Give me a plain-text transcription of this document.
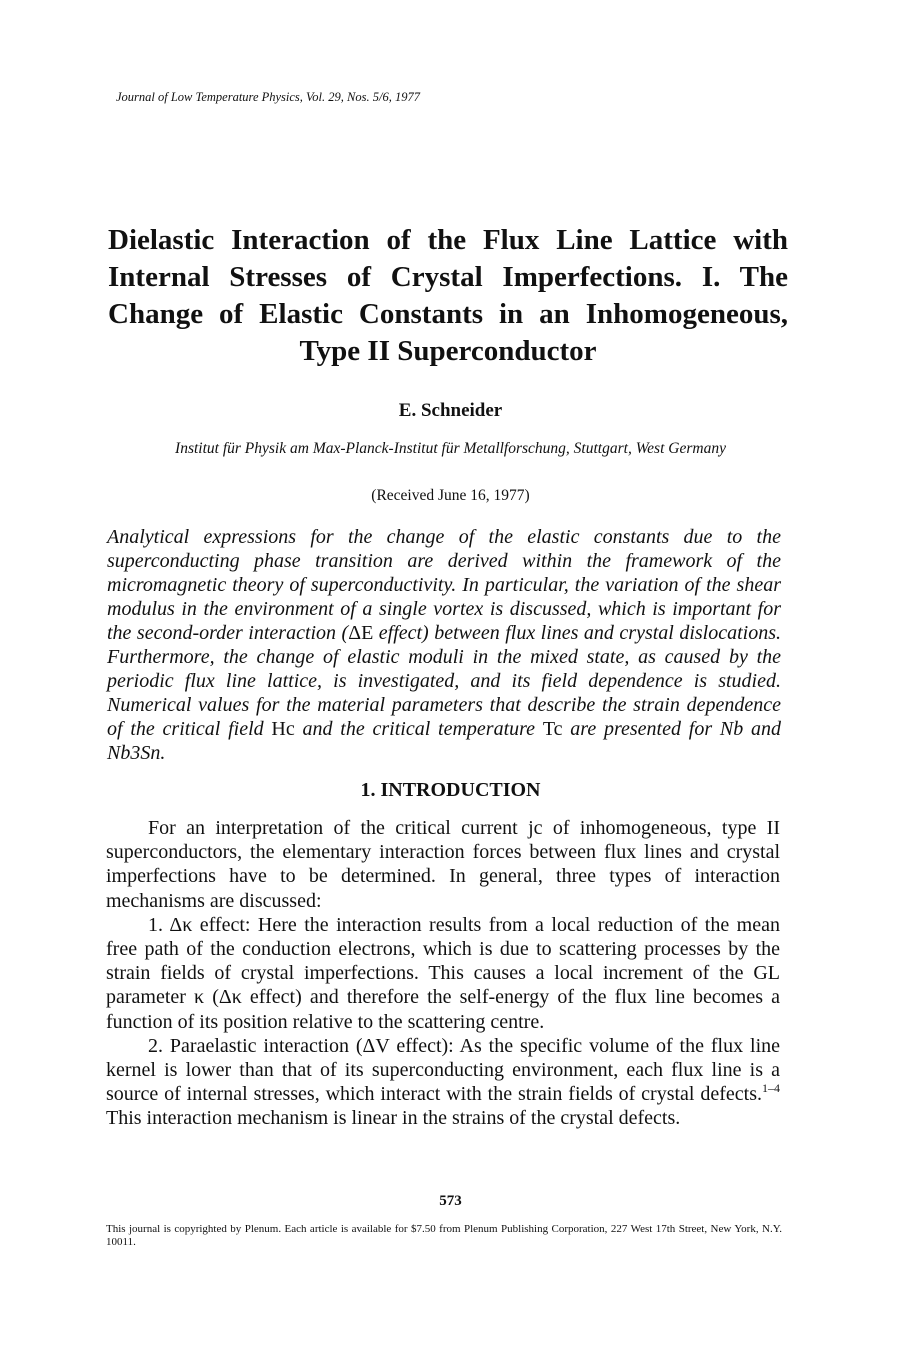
Journal of Low Temperature Physics, Vol. 29, Nos. 5/6, 1977
Dielastic Interaction of the Flux Line Lattice with
Internal Stresses of Crystal Imperfections. I. The
Change of Elastic Constants in an Inhomogeneous,
Type II Superconductor
E. Schneider
Institut für Physik am Max-Planck-Institut für Metallforschung, Stuttgart, West Germany
(Received June 16, 1977)

Analytical expressions for the change of the elastic constants due to the superconducting phase transition are derived within the framework of the micromagnetic theory of superconductivity. In particular, the variation of the shear modulus in the environment of a single vortex is discussed, which is important for the second-order interaction (ΔE effect) between flux lines and crystal dislocations. Furthermore, the change of elastic moduli in the mixed state, as caused by the periodic flux line lattice, is investigated, and its field dependence is studied. Numerical values for the material parameters that describe the strain dependence of the critical field Hc and the critical temperature Tc are presented for Nb and Nb3Sn.

1. INTRODUCTION

For an interpretation of the critical current jc of inhomogeneous, type II superconductors, the elementary interaction forces between flux lines and crystal imperfections have to be determined. In general, three types of interaction mechanisms are discussed:

1. Δκ effect: Here the interaction results from a local reduction of the mean free path of the conduction electrons, which is due to scattering processes by the strain fields of crystal imperfections. This causes a local increment of the GL parameter κ (Δκ effect) and therefore the self-energy of the flux line becomes a function of its position relative to the scattering centre.

2. Paraelastic interaction (ΔV effect): As the specific volume of the flux line kernel is lower than that of its superconducting environment, each flux line is a source of internal stresses, which interact with the strain fields of crystal defects.$^{1-4}$ This interaction mechanism is linear in the strains of the crystal defects.

573

This journal is copyrighted by Plenum. Each article is available for $7.50 from Plenum Publishing Corporation, 227 West 17th Street, New York, N.Y. 10011.
